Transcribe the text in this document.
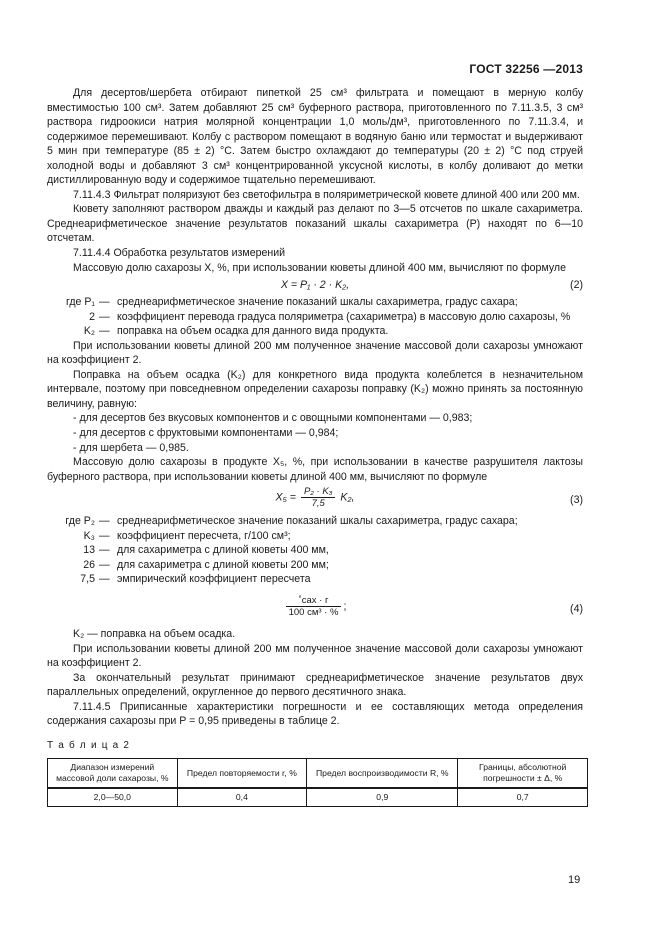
ГОСТ 32256 —2013

Для десертов/шербета отбирают пипеткой 25 см³ фильтрата и помещают в мерную колбу вместимостью 100 см³. Затем добавляют 25 см³ буферного раствора, приготовленного по 7.11.3.5, 3 см³ раствора гидроокиси натрия молярной концентрации 1,0 моль/дм³, приготовленного по 7.11.3.4, и содержимое перемешивают. Колбу с раствором помещают в водяную баню или термостат и выдерживают 5 мин при температуре (85 ± 2) °С. Затем быстро охлаждают до температуры (20 ± 2) °С под струей холодной воды и добавляют 3 см³ концентрированной уксусной кислоты, в колбу доливают до метки дистиллированную воду и содержимое тщательно перемешивают.

7.11.4.3 Фильтрат поляризуют без светофильтра в поляриметрической кювете длиной 400 или 200 мм.

Кювету заполняют раствором дважды и каждый раз делают по 3—5 отсчетов по шкале сахариметра. Среднеарифметическое значение результатов показаний шкалы сахариметра (Р) находят по 6—10 отсчетам.

7.11.4.4 Обработка результатов измерений

Массовую долю сахарозы X, %, при использовании кюветы длиной 400 мм, вычисляют по формуле

X = P₁ · 2 · K₂,	(2)
где P₁ — среднеарифметическое значение показаний шкалы сахариметра, градус сахара;
2 — коэффициент перевода градуса поляриметра (сахариметра) в массовую долю сахарозы, %
K₂ — поправка на объем осадка для данного вида продукта.

При использовании кюветы длиной 200 мм полученное значение массовой доли сахарозы умножают на коэффициент 2.

Поправка на объем осадка (K₂) для конкретного вида продукта колеблется в незначительном интервале, поэтому при повседневном определении сахарозы поправку (K₂) можно принять за постоянную величину, равную:

- для десертов без вкусовых компонентов и с овощными компонентами — 0,983;
- для десертов с фруктовыми компонентами — 0,984;
- для шербета — 0,985.

Массовую долю сахарозы в продукте X₅, %, при использовании в качестве разрушителя лактозы буферного раствора, при использовании кюветы длиной 400 мм, вычисляют по формуле

$X_5 = \frac{\text{P₂ · K₃}}{7,5} K_2$,	(3)
где P₂ — среднеарифметическое значение показаний шкалы сахариметра, градус сахара;
K₃ — коэффициент пересчета, г/100 см³;
13 — для сахариметра с длиной кюветы 400 мм,
26 — для сахариметра с длиной кюветы 200 мм;
7,5 — эмпирический коэффициент пересчета
$\frac{\text{˚сах · г}}{\text{100 см³ · \%}}$ ;	(4)

K₂ — поправка на объем осадка.

При использовании кюветы длиной 200 мм полученное значение массовой доли сахарозы умножают на коэффициент 2.

За окончательный результат принимают среднеарифметическое значение результатов двух параллельных определений, округленное до первого десятичного знака.

7.11.4.5 Приписанные характеристики погрешности и ее составляющих метода определения содержания сахарозы при P = 0,95 приведены в таблице 2.

Т а б л и ц а 2
Диапазон измерений массовой доли сахарозы, %	Предел повторяемости r, %	Предел воспроизводимости R, %	Границы, абсолютной погрешности ± Δ, %
2,0—50,0	0,4	0,9	0,7
19
